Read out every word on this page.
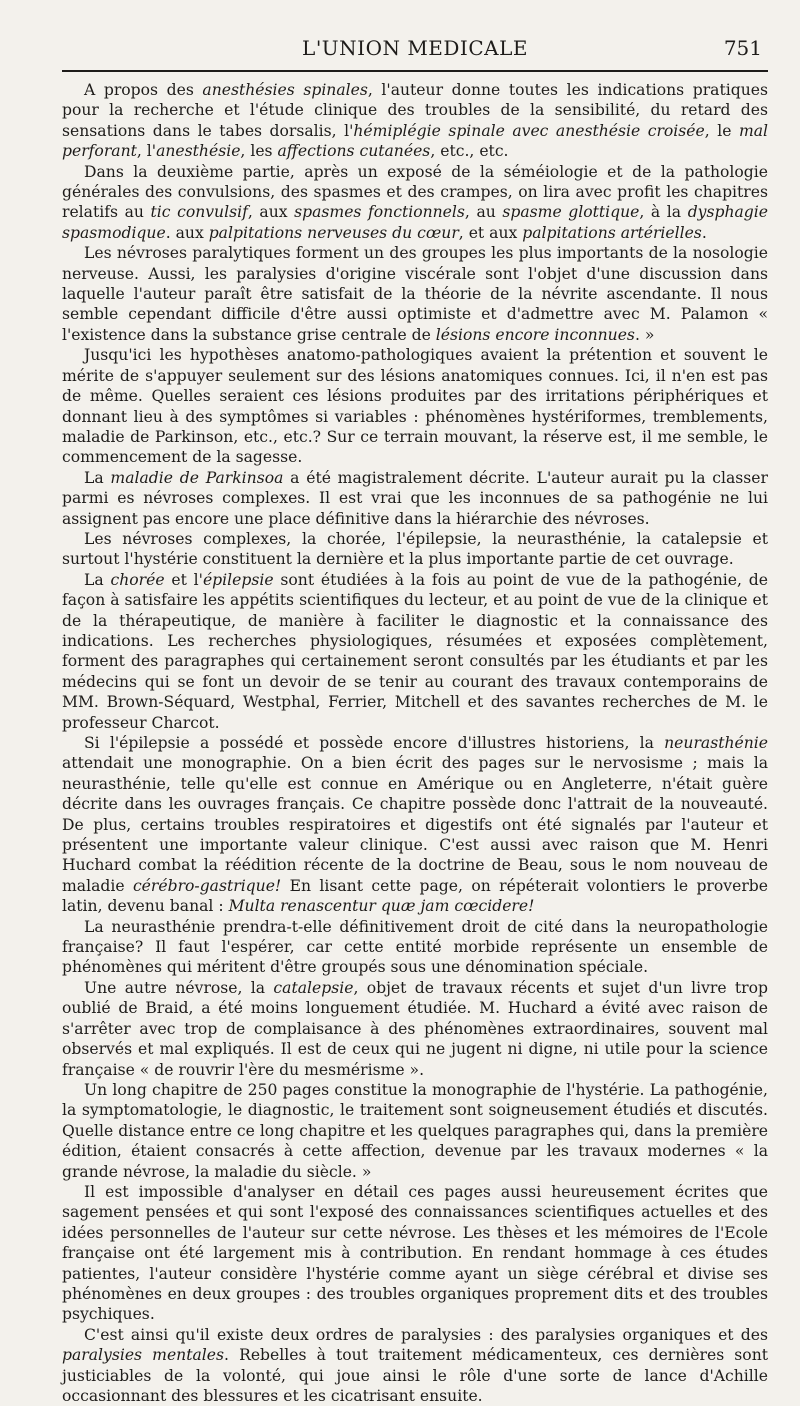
L'UNION MEDICALE	751

A propos des anesthésies spinales, l'auteur donne toutes les indications pratiques pour la recherche et l'étude clinique des troubles de la sensibilité, du retard des sensations dans le tabes dorsalis, l'hémiplégie spinale avec anesthésie croisée, le mal perforant, l'anesthésie, les affections cutanées, etc., etc.

Dans la deuxième partie, après un exposé de la séméiologie et de la pathologie générales des convulsions, des spasmes et des crampes, on lira avec profit les chapitres relatifs au tic convulsif, aux spasmes fonctionnels, au spasme glottique, à la dysphagie spasmodique. aux palpitations nerveuses du cœur, et aux palpitations artérielles.

Les névroses paralytiques forment un des groupes les plus importants de la nosologie nerveuse. Aussi, les paralysies d'origine viscérale sont l'objet d'une discussion dans laquelle l'auteur paraît être satisfait de la théorie de la névrite ascendante. Il nous semble cependant difficile d'être aussi optimiste et d'admettre avec M. Palamon « l'existence dans la substance grise centrale de lésions encore inconnues. »

Jusqu'ici les hypothèses anatomo-pathologiques avaient la prétention et souvent le mérite de s'appuyer seulement sur des lésions anatomiques connues. Ici, il n'en est pas de même. Quelles seraient ces lésions produites par des irritations périphériques et donnant lieu à des symptômes si variables : phénomènes hystériformes, tremblements, maladie de Parkinson, etc., etc.? Sur ce terrain mouvant, la réserve est, il me semble, le commencement de la sagesse.

La maladie de Parkinsoa a été magistralement décrite. L'auteur aurait pu la classer parmi es névroses complexes. Il est vrai que les inconnues de sa pathogénie ne lui assignent pas encore une place définitive dans la hiérarchie des névroses.

Les névroses complexes, la chorée, l'épilepsie, la neurasthénie, la catalepsie et surtout l'hystérie constituent la dernière et la plus importante partie de cet ouvrage.

La chorée et l'épilepsie sont étudiées à la fois au point de vue de la pathogénie, de façon à satisfaire les appétits scientifiques du lecteur, et au point de vue de la clinique et de la thérapeutique, de manière à faciliter le diagnostic et la connaissance des indications. Les recherches physiologiques, résumées et exposées complètement, forment des paragraphes qui certainement seront consultés par les étudiants et par les médecins qui se font un devoir de se tenir au courant des travaux contemporains de MM. Brown-Séquard, Westphal, Ferrier, Mitchell et des savantes recherches de M. le professeur Charcot.

Si l'épilepsie a possédé et possède encore d'illustres historiens, la neurasthénie attendait une monographie. On a bien écrit des pages sur le nervosisme ; mais la neurasthénie, telle qu'elle est connue en Amérique ou en Angleterre, n'était guère décrite dans les ouvrages français. Ce chapitre possède donc l'attrait de la nouveauté. De plus, certains troubles respiratoires et digestifs ont été signalés par l'auteur et présentent une importante valeur clinique. C'est aussi avec raison que M. Henri Huchard combat la réédition récente de la doctrine de Beau, sous le nom nouveau de maladie cérébro-gastrique! En lisant cette page, on répéterait volontiers le proverbe latin, devenu banal : Multa renascentur quæ jam cœcidere!

La neurasthénie prendra-t-elle définitivement droit de cité dans la neuropathologie française? Il faut l'espérer, car cette entité morbide représente un ensemble de phénomènes qui méritent d'être groupés sous une dénomination spéciale.

Une autre névrose, la catalepsie, objet de travaux récents et sujet d'un livre trop oublié de Braid, a été moins longuement étudiée. M. Huchard a évité avec raison de s'arrêter avec trop de complaisance à des phénomènes extraordinaires, souvent mal observés et mal expliqués. Il est de ceux qui ne jugent ni digne, ni utile pour la science française « de rouvrir l'ère du mesmérisme ».

Un long chapitre de 250 pages constitue la monographie de l'hystérie. La pathogénie, la symptomatologie, le diagnostic, le traitement sont soigneusement étudiés et discutés. Quelle distance entre ce long chapitre et les quelques paragraphes qui, dans la première édition, étaient consacrés à cette affection, devenue par les travaux modernes « la grande névrose, la maladie du siècle. »

Il est impossible d'analyser en détail ces pages aussi heureusement écrites que sagement pensées et qui sont l'exposé des connaissances scientifiques actuelles et des idées personnelles de l'auteur sur cette névrose. Les thèses et les mémoires de l'Ecole française ont été largement mis à contribution. En rendant hommage à ces études patientes, l'auteur considère l'hystérie comme ayant un siège cérébral et divise ses phénomènes en deux groupes : des troubles organiques proprement dits et des troubles psychiques.

C'est ainsi qu'il existe deux ordres de paralysies : des paralysies organiques et des paralysies mentales. Rebelles à tout traitement médicamenteux, ces dernières sont justiciables de la volonté, qui joue ainsi le rôle d'une sorte de lance d'Achille occasionnant des blessures et les cicatrisant ensuite.
